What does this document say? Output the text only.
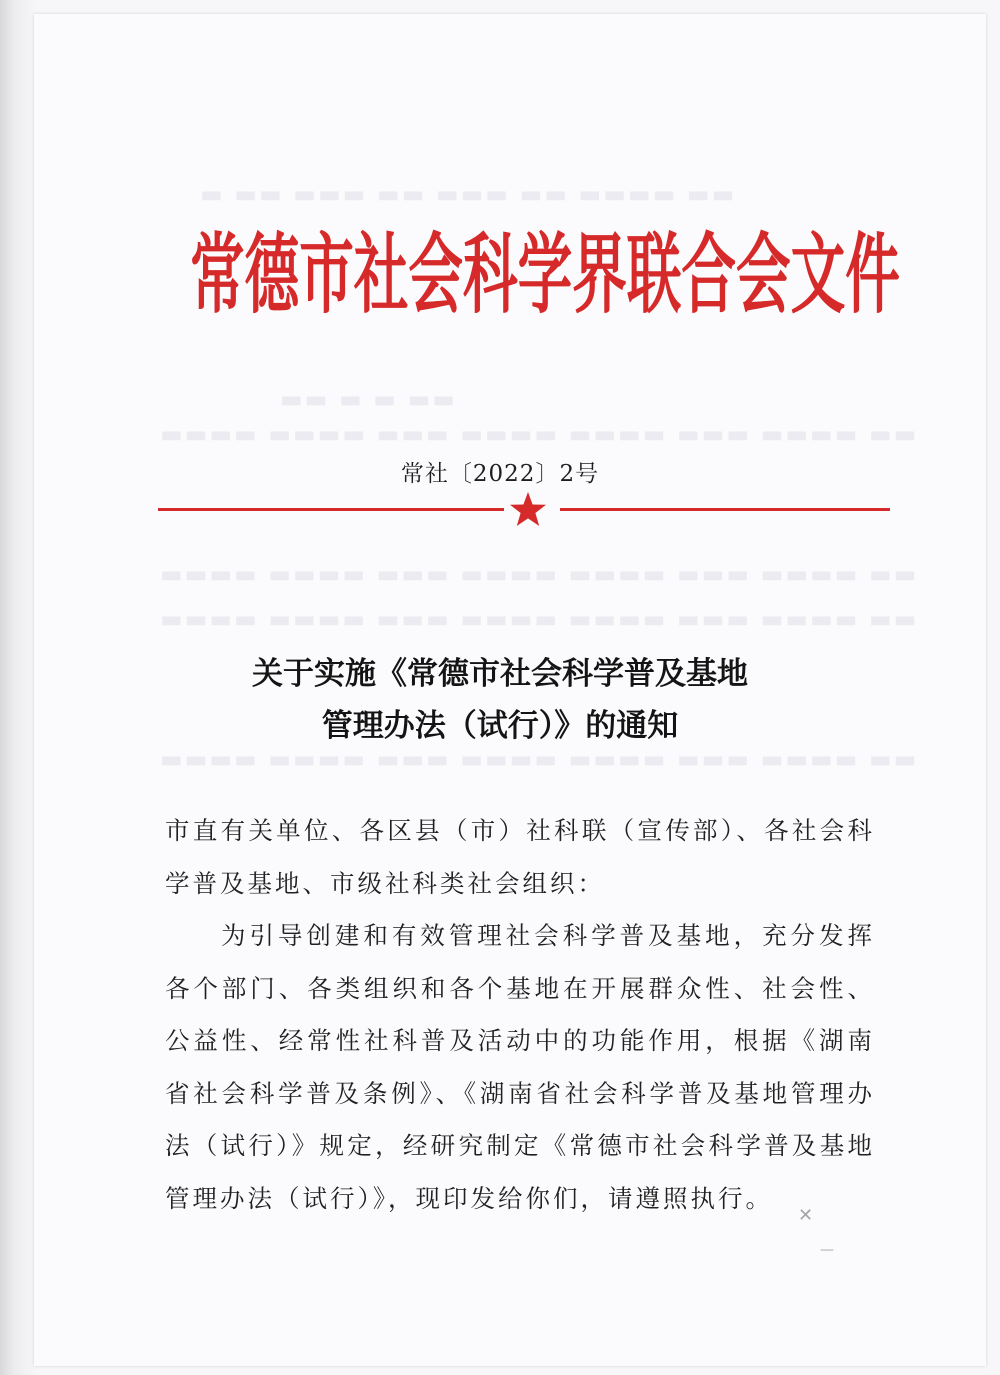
常德市社会科学界联合会文件
常社〔2022〕2号
关于实施《常德市社会科学普及基地
管理办法（试行）》的通知

市直有关单位、各区县（市）社科联（宣传部）、各社会科学普及基地、市级社科类社会组织：

为引导创建和有效管理社会科学普及基地，充分发挥各个部门、各类组织和各个基地在开展群众性、社会性、公益性、经常性社科普及活动中的功能作用，根据《湖南省社会科学普及条例》、《湖南省社会科学普及基地管理办法（试行）》规定，经研究制定《常德市社会科学普及基地管理办法（试行）》，现印发给你们，请遵照执行。

✕
—
